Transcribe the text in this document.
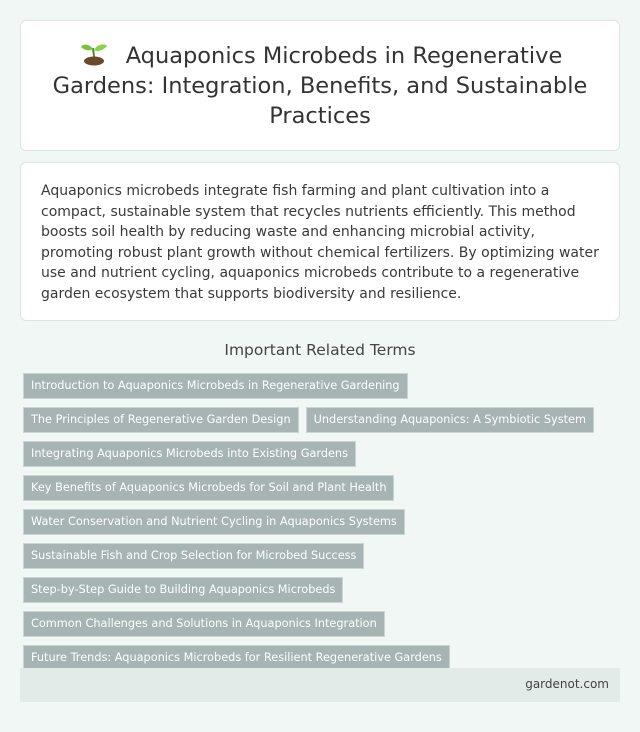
Aquaponics Microbeds in Regenerative Gardens: Integration, Benefits, and Sustainable Practices

Aquaponics microbeds integrate fish farming and plant cultivation into a compact, sustainable system that recycles nutrients efficiently. This method boosts soil health by reducing waste and enhancing microbial activity, promoting robust plant growth without chemical fertilizers. By optimizing water use and nutrient cycling, aquaponics microbeds contribute to a regenerative garden ecosystem that supports biodiversity and resilience.

Important Related Terms
Introduction to Aquaponics Microbeds in Regenerative Gardening
The Principles of Regenerative Garden Design	Understanding Aquaponics: A Symbiotic System
Integrating Aquaponics Microbeds into Existing Gardens
Key Benefits of Aquaponics Microbeds for Soil and Plant Health
Water Conservation and Nutrient Cycling in Aquaponics Systems
Sustainable Fish and Crop Selection for Microbed Success
Step-by-Step Guide to Building Aquaponics Microbeds
Common Challenges and Solutions in Aquaponics Integration
Future Trends: Aquaponics Microbeds for Resilient Regenerative Gardens
gardenot.com
